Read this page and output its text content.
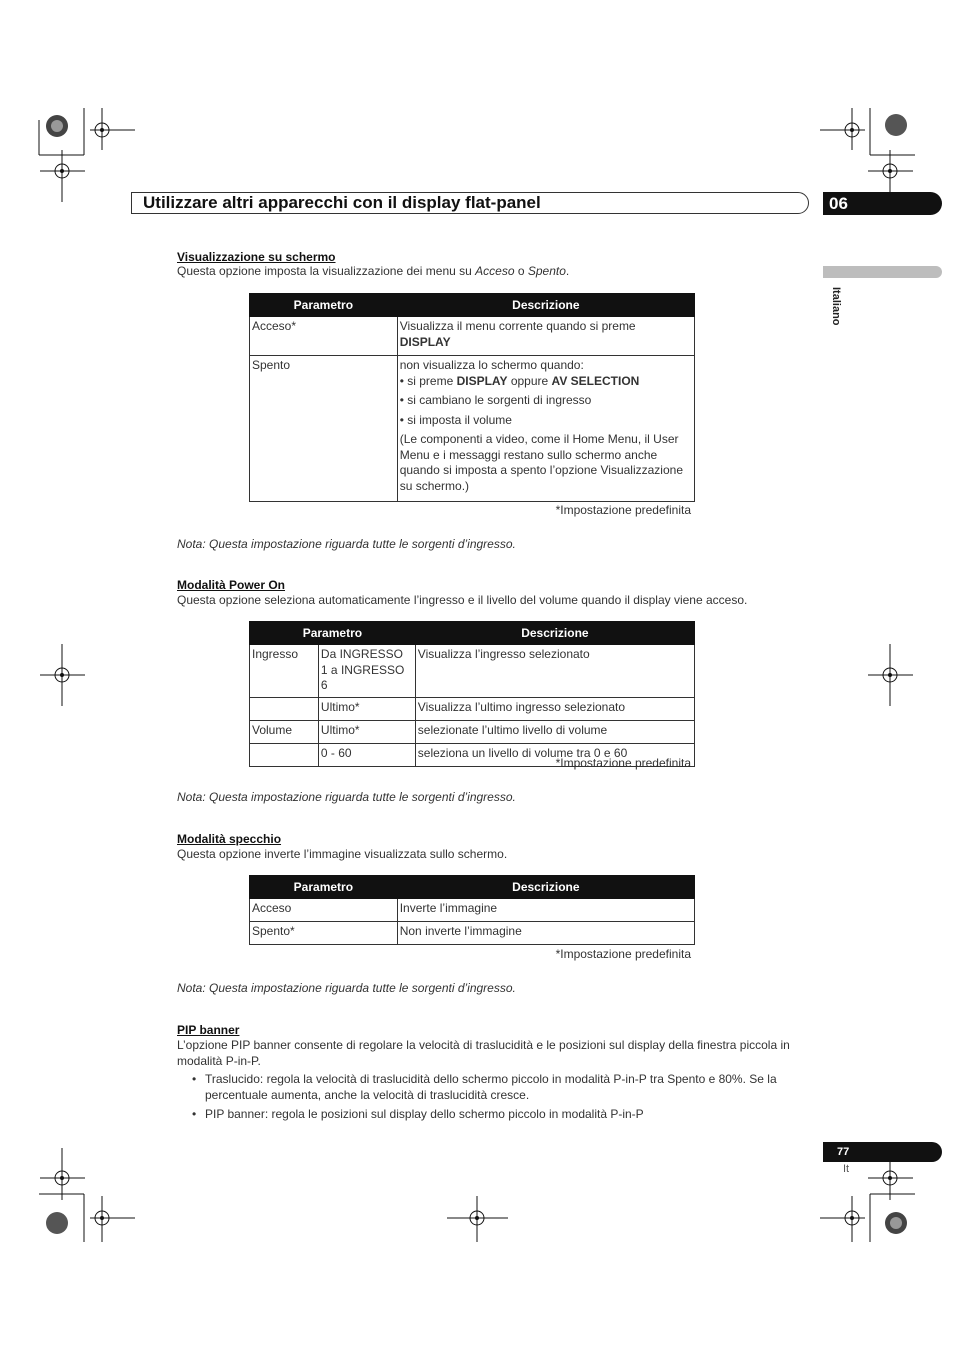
Utilizzare altri apparecchi con il display flat-panel	06
Italiano
Visualizzazione su schermo

Questa opzione imposta la visualizzazione dei menu su Acceso o Spento.

Parametro	Descrizione
Acceso*	Visualizza il menu corrente quando si preme
DISPLAY
Spento	non visualizza lo schermo quando:

• si preme DISPLAY oppure AV SELECTION

• si cambiano le sorgenti di ingresso

• si imposta il volume

(Le componenti a video, come il Home Menu, il User Menu e i messaggi restano sullo schermo anche quando si imposta a spento l’opzione Visualizzazione su schermo.)

*Impostazione predefinita

Nota: Questa impostazione riguarda tutte le sorgenti d’ingresso.

Modalità Power On

Questa opzione seleziona automaticamente l’ingresso e il livello del volume quando il display viene acceso.

Parametro		Descrizione
Ingresso	Da INGRESSO 1 a INGRESSO 6	Visualizza l’ingresso selezionato
	Ultimo*	Visualizza l’ultimo ingresso selezionato
Volume	Ultimo*	selezionate l’ultimo livello di volume
	0 - 60	seleziona un livello di volume tra 0 e 60
*Impostazione predefinita

Nota: Questa impostazione riguarda tutte le sorgenti d’ingresso.

Modalità specchio

Questa opzione inverte l’immagine visualizzata sullo schermo.

Parametro	Descrizione
Acceso	Inverte l’immagine
Spento*	Non inverte l’immagine
*Impostazione predefinita

Nota: Questa impostazione riguarda tutte le sorgenti d’ingresso.

PIP banner

L’opzione PIP banner consente di regolare la velocità di traslucidità e le posizioni sul display della finestra piccola in modalità P-in-P.

• Traslucido: regola la velocità di traslucidità dello schermo piccolo in modalità P-in-P tra Spento e 80%. Se la percentuale aumenta, anche la velocità di traslucidità cresce.
• PIP banner: regola le posizioni sul display dello schermo piccolo in modalità P-in-P
77
It
